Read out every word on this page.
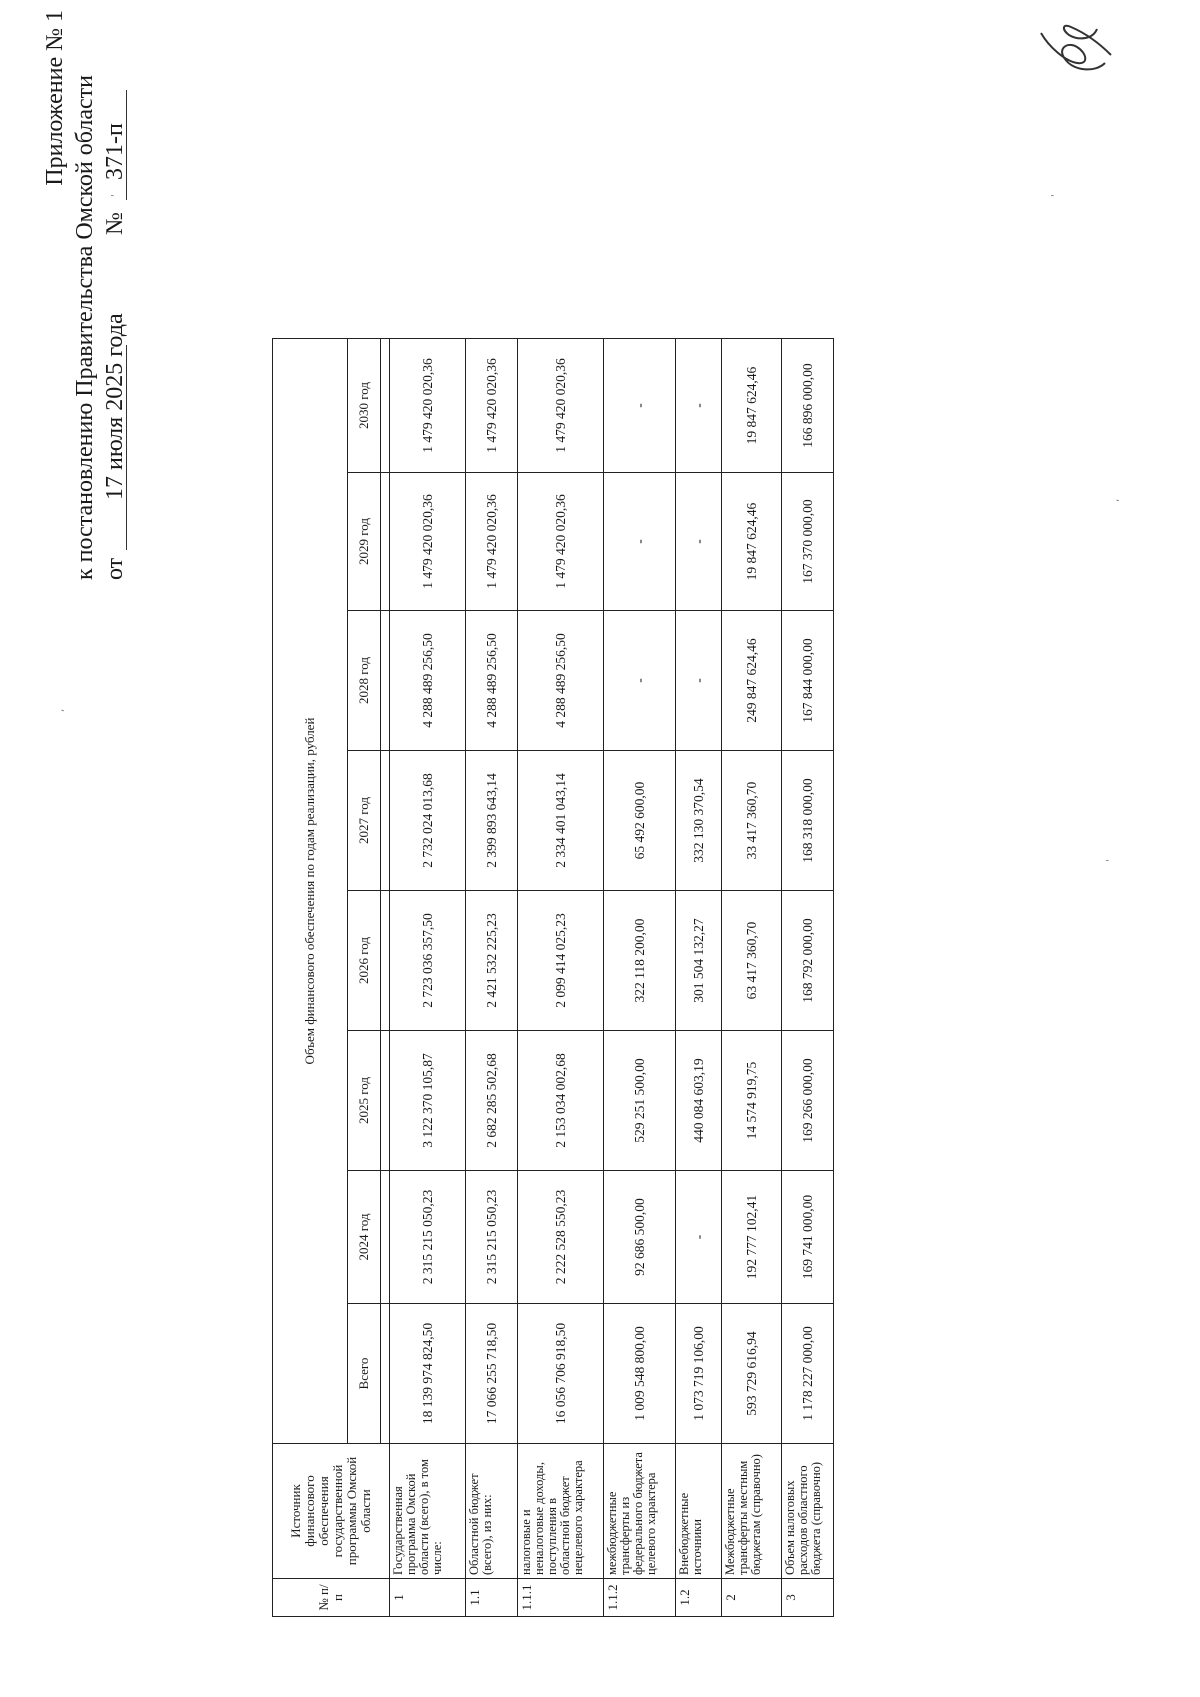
Приложение № 1 к постановлению Правительства Омской области от
17 июля 2025 года
№
371-п
№ п/п	Источник финансового обеспечения государственной программы Омской области	Объем финансового обеспечения по годам реализации, рублей							
		Всего	2024 год	2025 год	2026 год	2027 год	2028 год	2029 год	2030 год

1	Государственная программа Омской области (всего), в том числе:	18 139 974 824,50	2 315 215 050,23	3 122 370 105,87	2 723 036 357,50	2 732 024 013,68	4 288 489 256,50	1 479 420 020,36	1 479 420 020,36
1.1	Областной бюджет (всего), из них:	17 066 255 718,50	2 315 215 050,23	2 682 285 502,68	2 421 532 225,23	2 399 893 643,14	4 288 489 256,50	1 479 420 020,36	1 479 420 020,36
1.1.1	налоговые и неналоговые доходы, поступления в областной бюджет нецелевого характера	16 056 706 918,50	2 222 528 550,23	2 153 034 002,68	2 099 414 025,23	2 334 401 043,14	4 288 489 256,50	1 479 420 020,36	1 479 420 020,36
1.1.2	межбюджетные трансферты из федерального бюджета целевого характера	1 009 548 800,00	92 686 500,00	529 251 500,00	322 118 200,00	65 492 600,00	-	-	-
1.2	Внебюджетные источники	1 073 719 106,00	-	440 084 603,19	301 504 132,27	332 130 370,54	-	-	-
2	Межбюджетные трансферты местным бюджетам (справочно)	593 729 616,94	192 777 102,41	14 574 919,75	63 417 360,70	33 417 360,70	249 847 624,46	19 847 624,46	19 847 624,46
3	Объем налоговых расходов областного бюджета (справочно)	1 178 227 000,00	169 741 000,00	169 266 000,00	168 792 000,00	168 318 000,00	167 844 000,00	167 370 000,00	166 896 000,00
,
'
'
,
'
